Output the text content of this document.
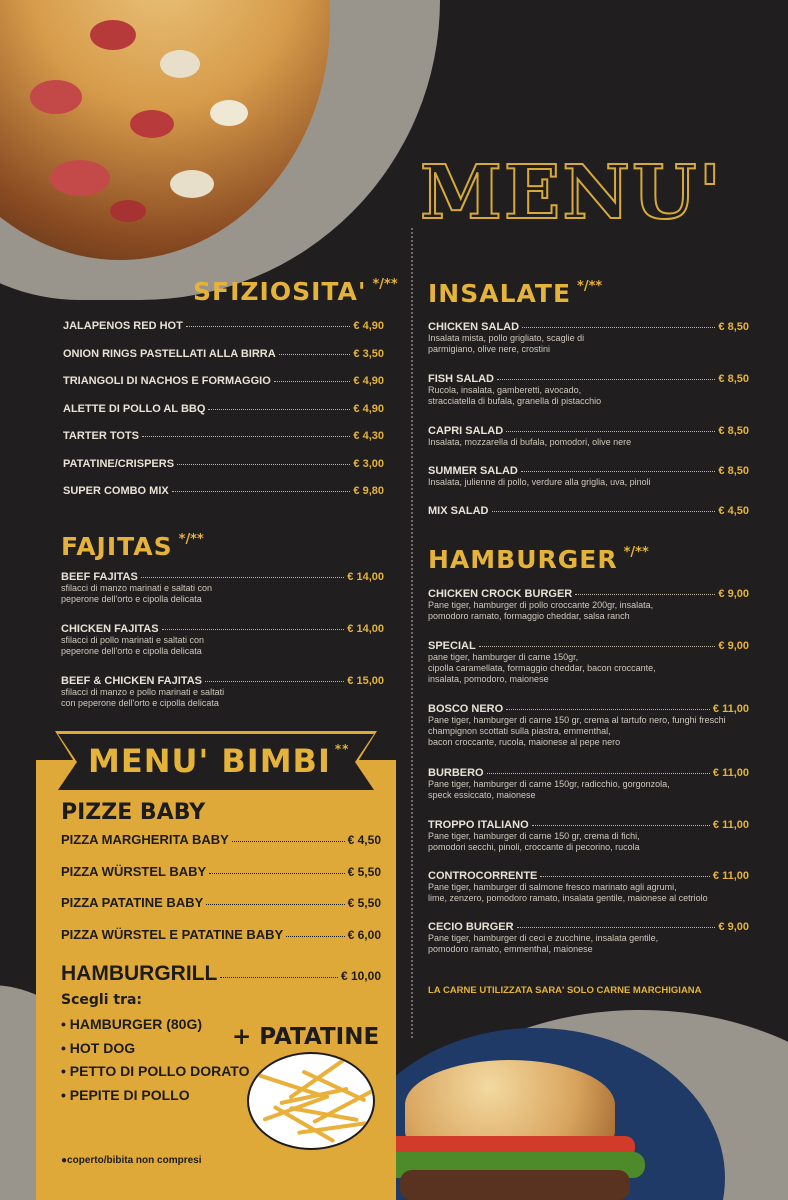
MENU'
SFIZIOSITA' */**
JALAPENOS RED HOT	€ 4,90
ONION RINGS PASTELLATI ALLA BIRRA	€ 3,50
TRIANGOLI DI NACHOS E FORMAGGIO	€ 4,90
ALETTE DI POLLO AL BBQ	€ 4,90
TARTER TOTS	€ 4,30
PATATINE/CRISPERS	€ 3,00
SUPER COMBO MIX	€ 9,80
FAJITAS */**
BEEF FAJITAS	€ 14,00
sfilacci di manzo marinati e saltati con
peperone dell'orto e cipolla delicata
CHICKEN FAJITAS	€ 14,00
sfilacci di pollo marinati e saltati con
peperone dell'orto e cipolla delicata
BEEF & CHICKEN FAJITAS	€ 15,00
sfilacci di manzo e pollo marinati e saltati
con peperone dell'orto e cipolla delicata
INSALATE */**
CHICKEN SALAD	€ 8,50
Insalata mista, pollo grigliato, scaglie di
parmigiano, olive nere, crostini
FISH SALAD	€ 8,50
Rucola, insalata, gamberetti, avocado,
stracciatella di bufala, granella di pistacchio
CAPRI SALAD	€ 8,50
Insalata, mozzarella di bufala, pomodori, olive nere
SUMMER SALAD	€ 8,50
Insalata, julienne di pollo, verdure alla griglia, uva, pinoli
MIX SALAD	€ 4,50
HAMBURGER */**
CHICKEN CROCK BURGER	€ 9,00
Pane tiger, hamburger di pollo croccante 200gr, insalata,
pomodoro ramato, formaggio cheddar, salsa ranch
SPECIAL	€ 9,00
pane tiger, hamburger di carne 150gr,
cipolla caramellata, formaggio cheddar, bacon croccante,
insalata, pomodoro, maionese
BOSCO NERO	€ 11,00
Pane tiger, hamburger di carne 150 gr, crema al tartufo nero, funghi freschi
champignon scottati sulla piastra, emmenthal,
bacon croccante, rucola, maionese al pepe nero
BURBERO	€ 11,00
Pane tiger, hamburger di carne 150gr, radicchio, gorgonzola,
speck essiccato, maionese
TROPPO ITALIANO	€ 11,00
Pane tiger, hamburger di carne 150 gr, crema di fichi,
pomodori secchi, pinoli, croccante di pecorino, rucola
CONTROCORRENTE	€ 11,00
Pane tiger, hamburger di salmone fresco marinato agli agrumi,
lime, zenzero, pomodoro ramato, insalata gentile, maionese al cetriolo
CECIO BURGER	€ 9,00
Pane tiger, hamburger di ceci e zucchine, insalata gentile,
pomodoro ramato, emmenthal, maionese
LA CARNE UTILIZZATA SARA' SOLO CARNE MARCHIGIANA
MENU' BIMBI **
PIZZE BABY
PIZZA MARGHERITA BABY	€ 4,50
PIZZA WÜRSTEL BABY	€ 5,50
PIZZA PATATINE BABY	€ 5,50
PIZZA WÜRSTEL E PATATINE BABY	€ 6,00
HAMBURGRILL	€ 10,00
Scegli tra:
• HAMBURGER (80G)
• HOT DOG
• PETTO DI POLLO DORATO
• PEPITE DI POLLO
+ PATATINE
●coperto/bibita non compresi
